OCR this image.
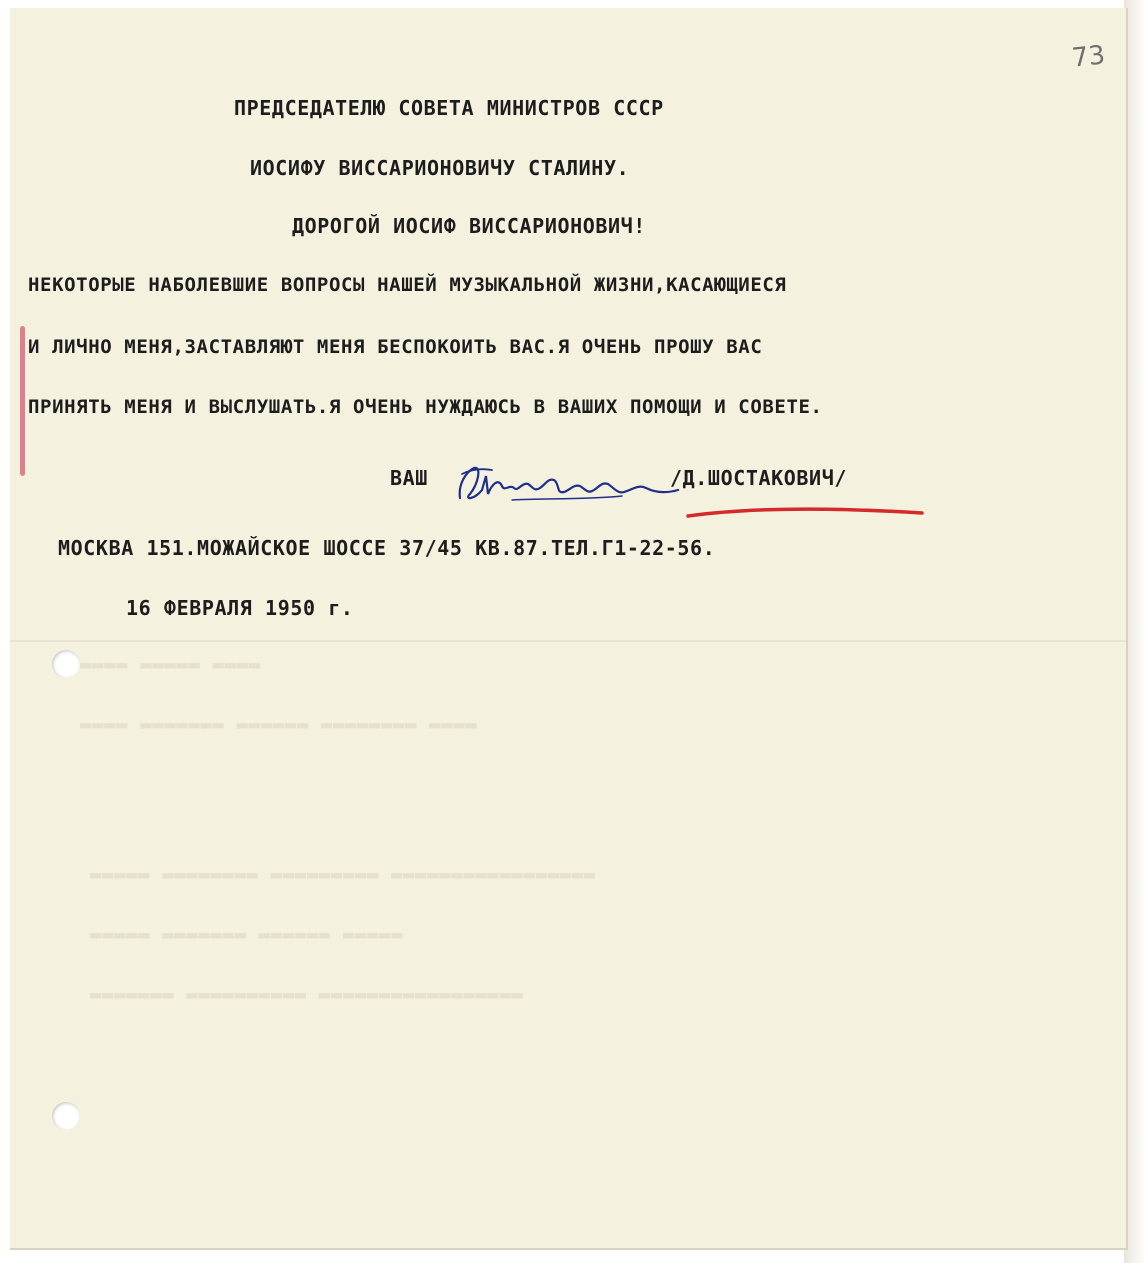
▬▬▬▬ ▬▬▬▬▬ ▬▬▬▬
▬▬▬▬ ▬▬▬▬▬▬▬ ▬▬▬▬▬▬ ▬▬▬▬▬▬▬▬ ▬▬▬▬
▬▬▬▬▬ ▬▬▬▬▬▬▬▬ ▬▬▬▬▬▬▬▬▬ ▬▬▬▬▬▬▬▬▬▬▬▬▬▬▬▬▬
▬▬▬▬▬ ▬▬▬▬▬▬▬ ▬▬▬▬▬▬ ▬▬▬▬▬
▬▬▬▬▬▬▬ ▬▬▬▬▬▬▬▬▬▬ ▬▬▬▬▬▬▬▬▬▬▬▬▬▬▬▬▬
73
ПРЕДСЕДАТЕЛЮ СОВЕТА МИНИСТРОВ СССР
ИОСИФУ ВИССАРИОНОВИЧУ СТАЛИНУ.
ДОРОГОЙ ИОСИФ ВИССАРИОНОВИЧ!
НЕКОТОРЫЕ НАБОЛЕВШИЕ ВОПРОСЫ НАШЕЙ МУЗЫКАЛЬНОЙ ЖИЗНИ,КАСАЮЩИЕСЯ
И ЛИЧНО МЕНЯ,ЗАСТАВЛЯЮТ МЕНЯ БЕСПОКОИТЬ ВАС.Я ОЧЕНЬ ПРОШУ ВАС
ПРИНЯТЬ МЕНЯ И ВЫСЛУШАТЬ.Я ОЧЕНЬ НУЖДАЮСЬ В ВАШИХ ПОМОЩИ И СОВЕТЕ.
ВАШ	/Д.ШОСТАКОВИЧ/
МОСКВА 151.МОЖАЙСКОЕ ШОССЕ 37/45 КВ.87.ТЕЛ.Г1-22-56.
16 ФЕВРАЛЯ 1950 г.
